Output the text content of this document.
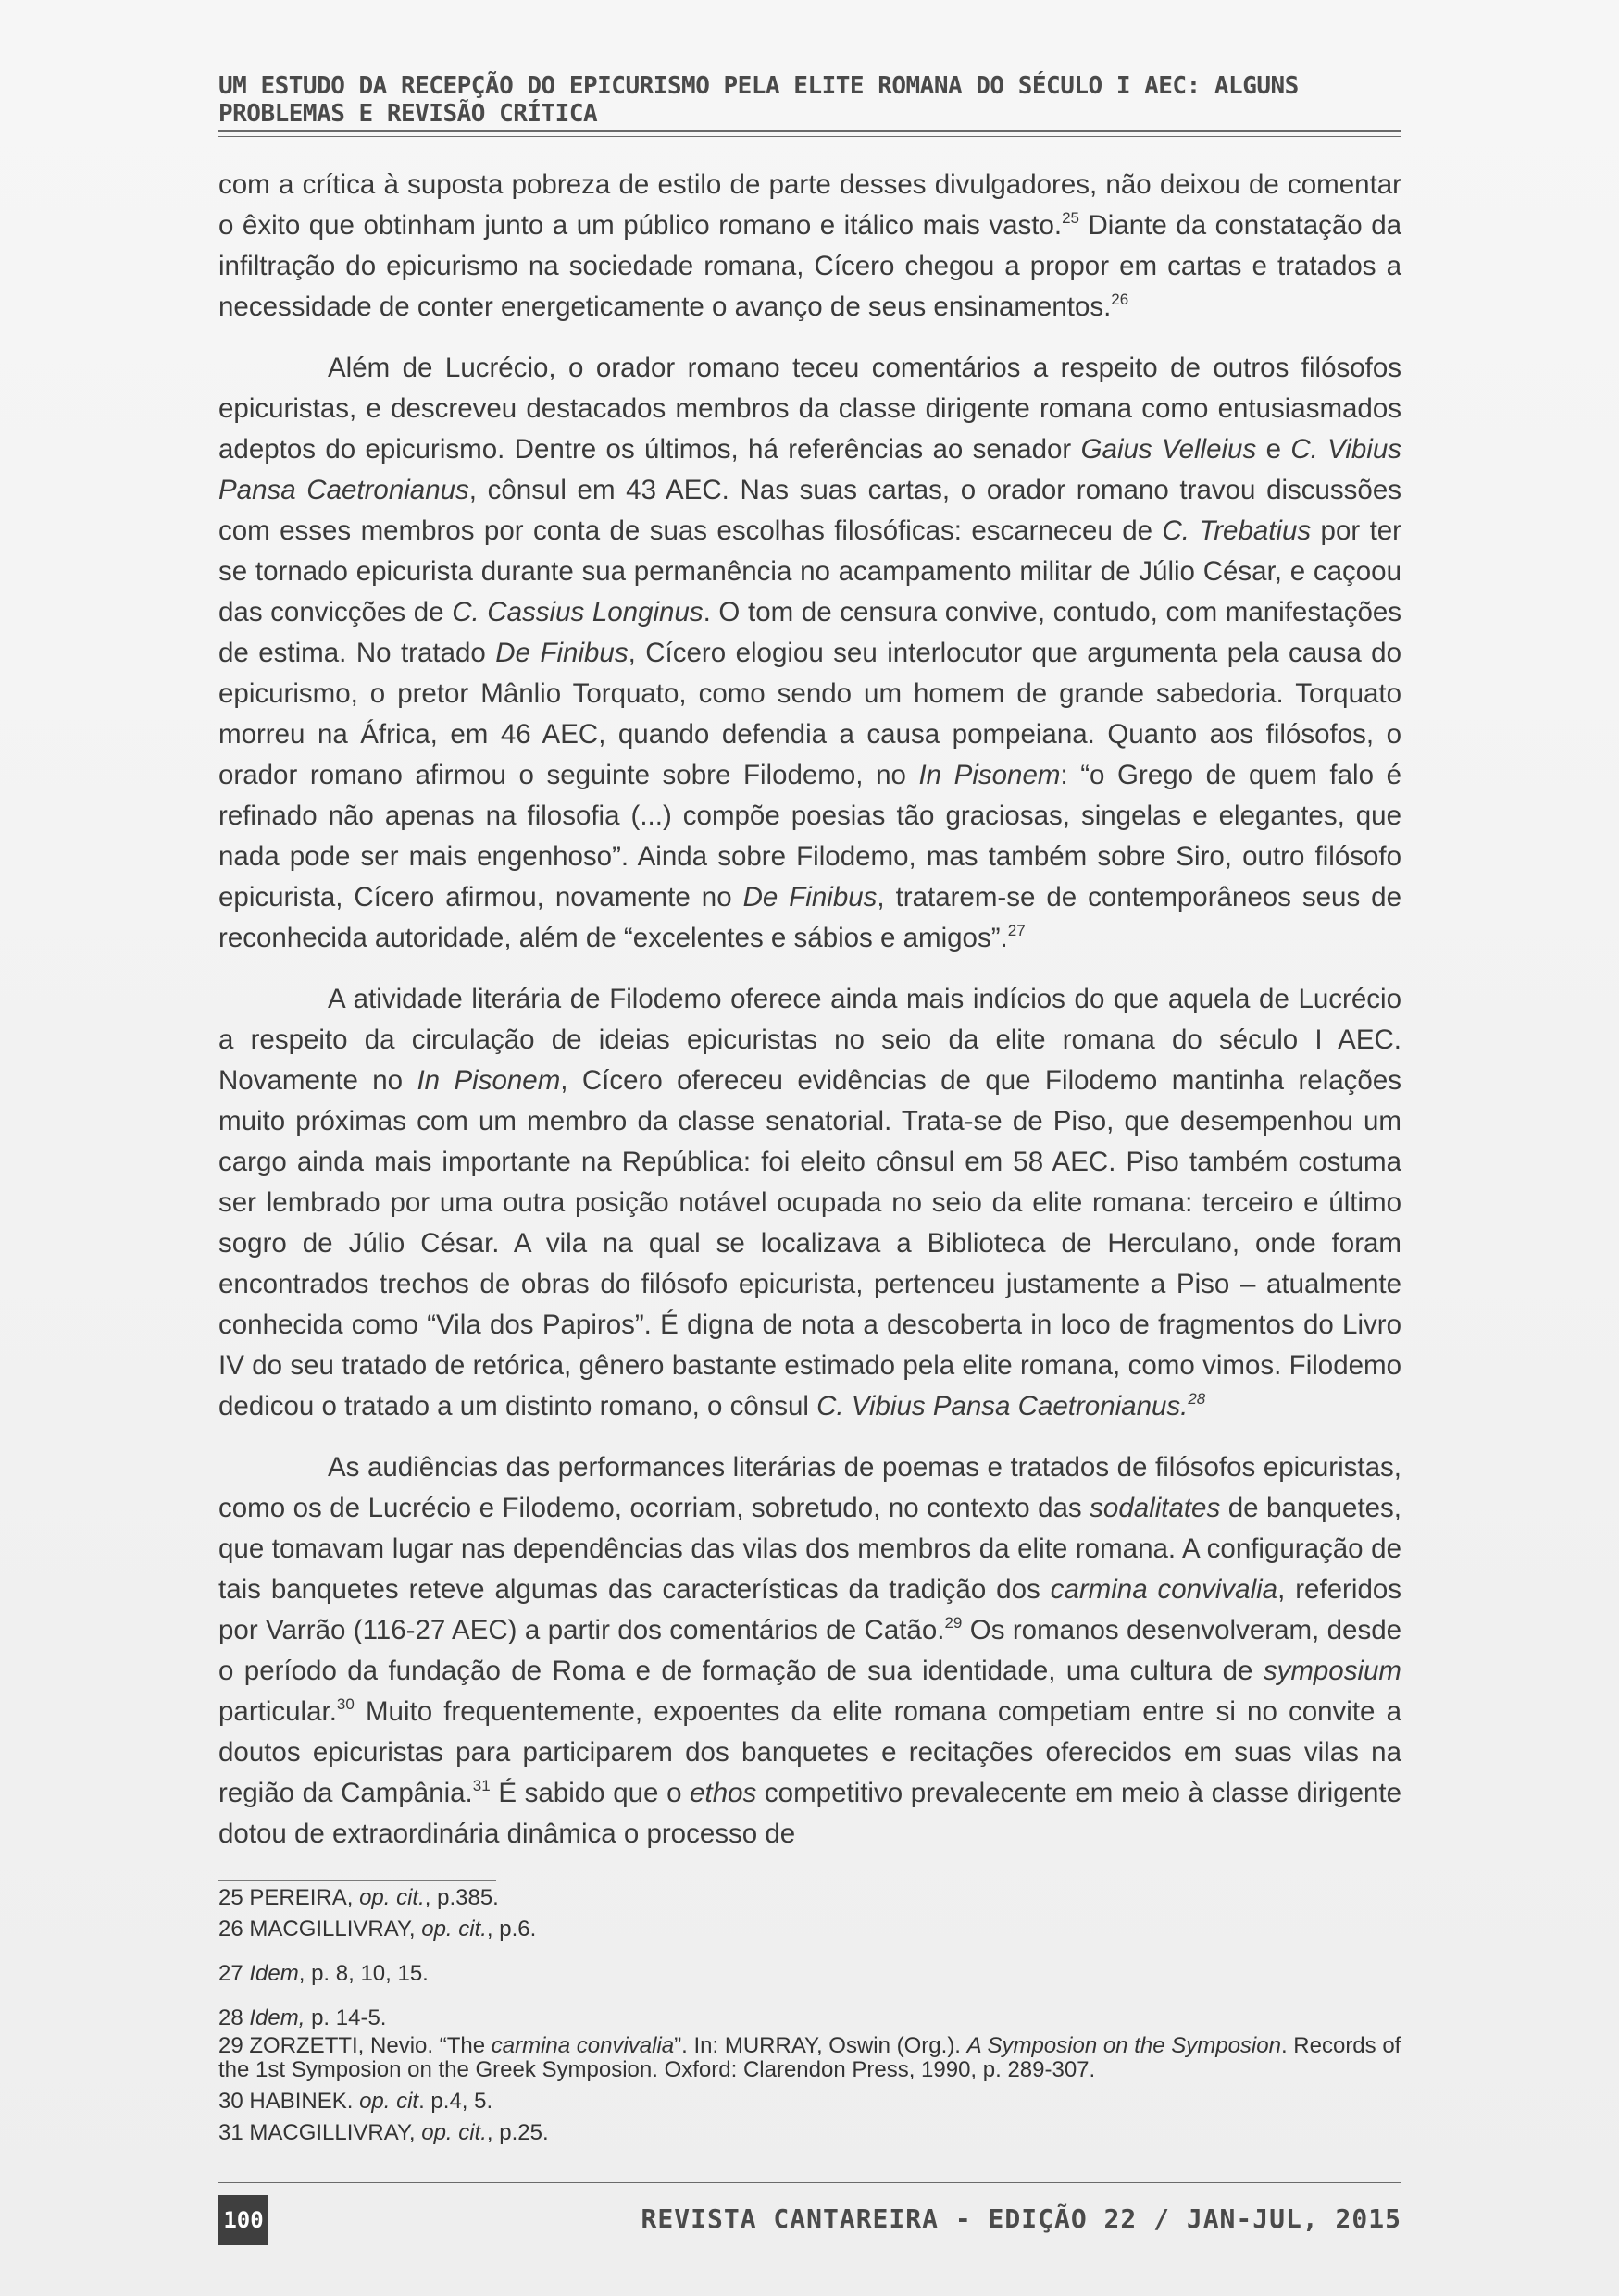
UM ESTUDO DA RECEPÇÃO DO EPICURISMO PELA ELITE ROMANA DO SÉCULO I AEC: ALGUNS
PROBLEMAS E REVISÃO CRÍTICA

com a crítica à suposta pobreza de estilo de parte desses divulgadores, não deixou de comentar o êxito que obtinham junto a um público romano e itálico mais vasto.$^{25}$ Diante da constatação da infiltração do epicurismo na sociedade romana, Cícero chegou a propor em cartas e tratados a necessidade de conter energeticamente o avanço de seus ensinamentos.$^{26}$

Além de Lucrécio, o orador romano teceu comentários a respeito de outros filósofos epicuristas, e descreveu destacados membros da classe dirigente romana como entusiasmados adeptos do epicurismo. Dentre os últimos, há referências ao senador Gaius Velleius e C. Vibius Pansa Caetronianus, cônsul em 43 AEC. Nas suas cartas, o orador romano travou discussões com esses membros por conta de suas escolhas filosóficas: escarneceu de C. Trebatius por ter se tornado epicurista durante sua permanência no acampamento militar de Júlio César, e caçoou das convicções de C. Cassius Longinus. O tom de censura convive, contudo, com manifestações de estima. No tratado De Finibus, Cícero elogiou seu interlocutor que argumenta pela causa do epicurismo, o pretor Mânlio Torquato, como sendo um homem de grande sabedoria. Torquato morreu na África, em 46 AEC, quando defendia a causa pompeiana. Quanto aos filósofos, o orador romano afirmou o seguinte sobre Filodemo, no In Pisonem: “o Grego de quem falo é refinado não apenas na filosofia (...) compõe poesias tão graciosas, singelas e elegantes, que nada pode ser mais engenhoso”. Ainda sobre Filodemo, mas também sobre Siro, outro filósofo epicurista, Cícero afirmou, novamente no De Finibus, tratarem-se de contemporâneos seus de reconhecida autoridade, além de “excelentes e sábios e amigos”.$^{27}$

A atividade literária de Filodemo oferece ainda mais indícios do que aquela de Lucrécio a respeito da circulação de ideias epicuristas no seio da elite romana do século I AEC. Novamente no In Pisonem, Cícero ofereceu evidências de que Filodemo mantinha relações muito próximas com um membro da classe senatorial. Trata-se de Piso, que desempenhou um cargo ainda mais importante na República: foi eleito cônsul em 58 AEC. Piso também costuma ser lembrado por uma outra posição notável ocupada no seio da elite romana: terceiro e último sogro de Júlio César. A vila na qual se localizava a Biblioteca de Herculano, onde foram encontrados trechos de obras do filósofo epicurista, pertenceu justamente a Piso – atualmente conhecida como “Vila dos Papiros”. É digna de nota a descoberta in loco de fragmentos do Livro IV do seu tratado de retórica, gênero bastante estimado pela elite romana, como vimos. Filodemo dedicou o tratado a um distinto romano, o cônsul C. Vibius Pansa Caetronianus.$^{28}$

As audiências das performances literárias de poemas e tratados de filósofos epicuristas, como os de Lucrécio e Filodemo, ocorriam, sobretudo, no contexto das sodalitates de banquetes, que tomavam lugar nas dependências das vilas dos membros da elite romana. A configuração de tais banquetes reteve algumas das características da tradição dos carmina convivalia, referidos por Varrão (116-27 AEC) a partir dos comentários de Catão.$^{29}$ Os romanos desenvolveram, desde o período da fundação de Roma e de formação de sua identidade, uma cultura de symposium particular.$^{30}$ Muito frequentemente, expoentes da elite romana competiam entre si no convite a doutos epicuristas para participarem dos banquetes e recitações oferecidos em suas vilas na região da Campânia.$^{31}$ É sabido que o ethos competitivo prevalecente em meio à classe dirigente dotou de extraordinária dinâmica o processo de

25 PEREIRA, op. cit., p.385.

26 MACGILLIVRAY, op. cit., p.6.

27 Idem, p. 8, 10, 15.

28 Idem, p. 14-5.

29 ZORZETTI, Nevio. “The carmina convivalia”. In: MURRAY, Oswin (Org.). A Symposion on the Symposion. Records of the 1st Symposion on the Greek Symposion. Oxford: Clarendon Press, 1990, p. 289-307.

30 HABINEK. op. cit. p.4, 5.

31 MACGILLIVRAY, op. cit., p.25.

100	REVISTA CANTAREIRA - EDIÇÃO 22 / JAN-JUL, 2015
